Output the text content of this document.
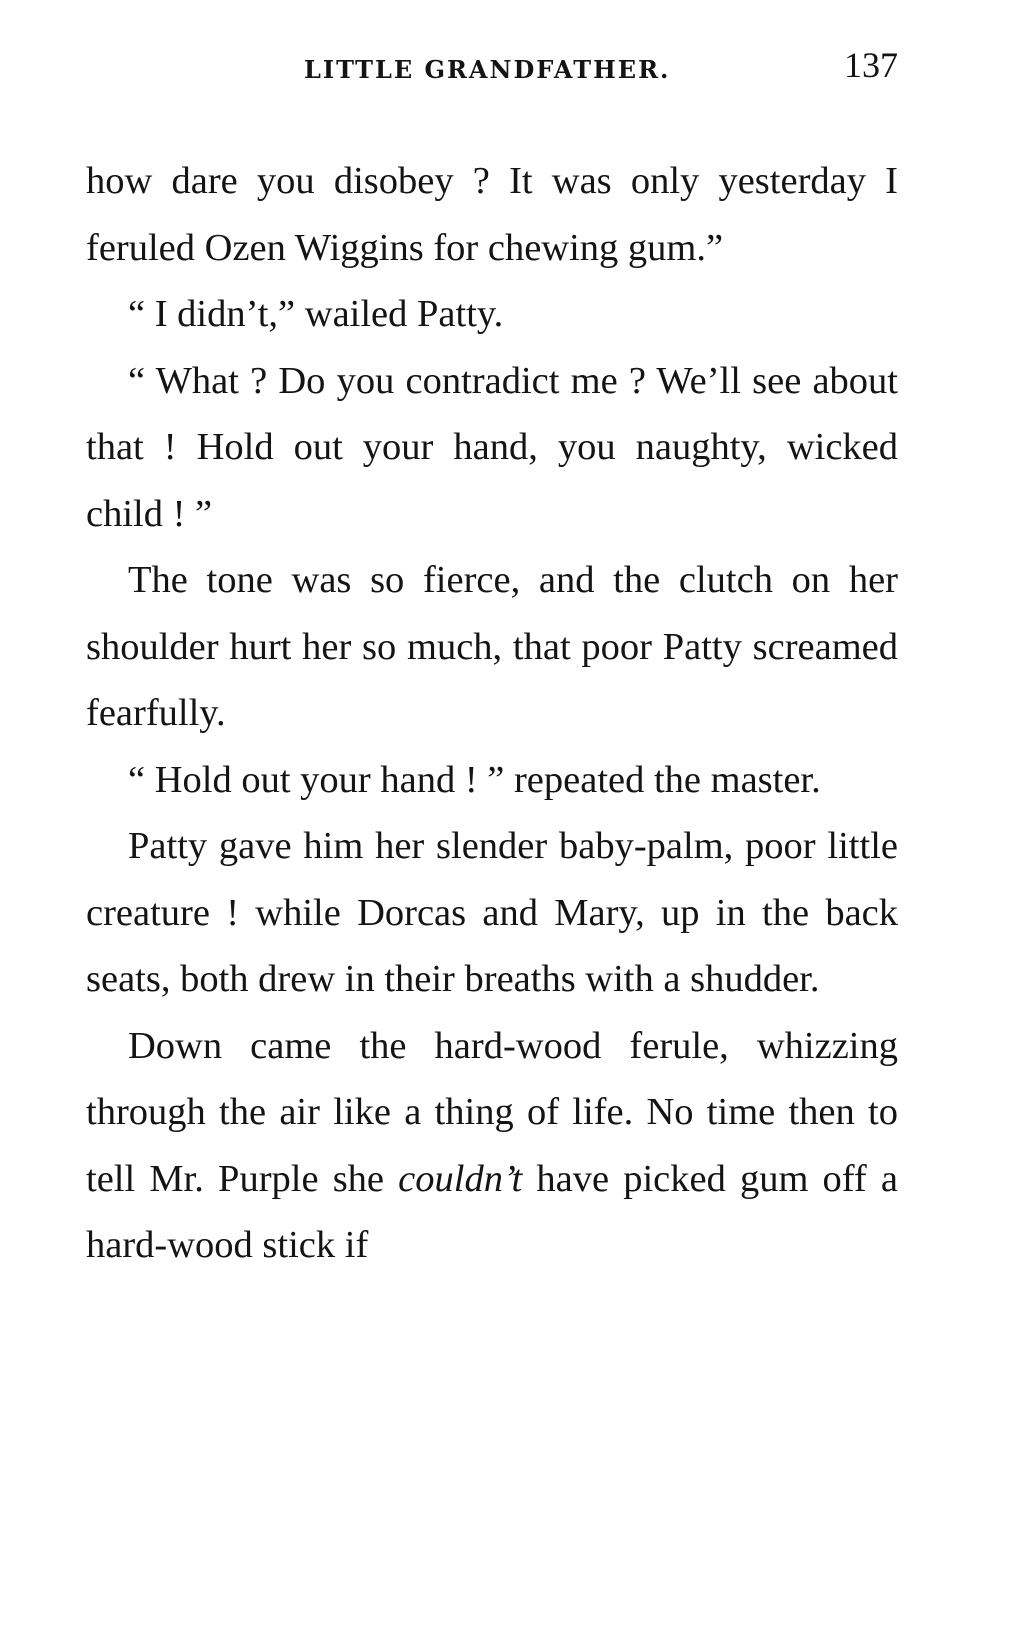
LITTLE GRANDFATHER.	137

how dare you disobey ? It was only yesterday I feruled Ozen Wiggins for chewing gum.”

“ I didn’t,” wailed Patty.

“ What ? Do you contradict me ? We’ll see about that ! Hold out your hand, you naughty, wicked child ! ”

The tone was so fierce, and the clutch on her shoulder hurt her so much, that poor Patty screamed fearfully.

“ Hold out your hand ! ” repeated the master.

Patty gave him her slender baby-palm, poor little creature ! while Dorcas and Mary, up in the back seats, both drew in their breaths with a shudder.

Down came the hard-wood ferule, whizzing through the air like a thing of life. No time then to tell Mr. Purple she couldn’t have picked gum off a hard-wood stick if
